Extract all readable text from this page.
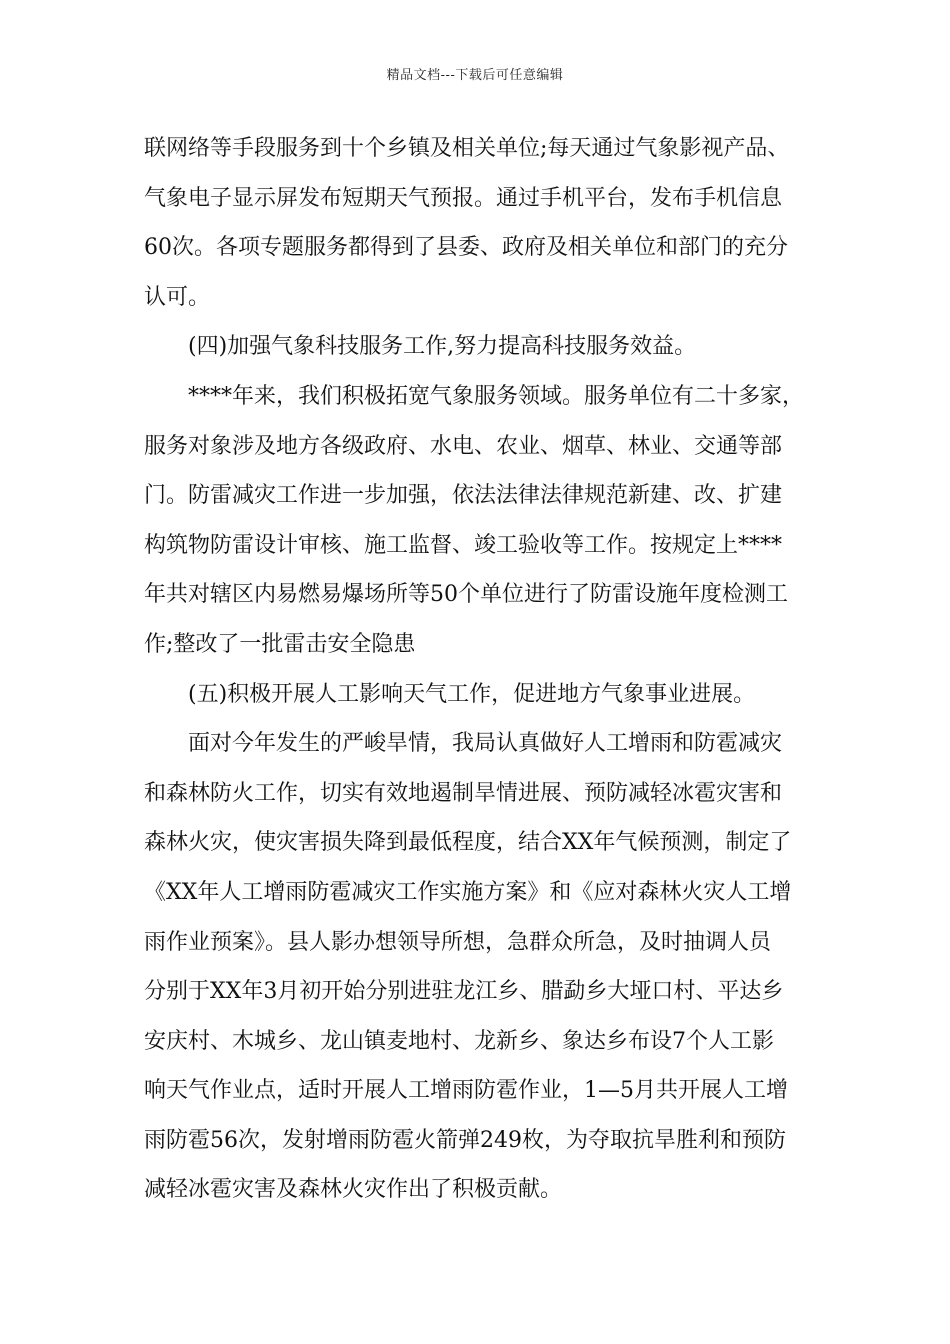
精品文档---下载后可任意编辑
联网络等手段服务到十个乡镇及相关单位;每天通过气象影视产品、
气象电子显示屏发布短期天气预报。通过手机平台，发布手机信息
60次。各项专题服务都得到了县委、政府及相关单位和部门的充分
认可。
(四)加强气象科技服务工作,努力提高科技服务效益。
****年来，我们积极拓宽气象服务领域。服务单位有二十多家，
服务对象涉及地方各级政府、水电、农业、烟草、林业、交通等部
门。防雷减灾工作进一步加强，依法法律法律规范新建、改、扩建
构筑物防雷设计审核、施工监督、竣工验收等工作。按规定上****
年共对辖区内易燃易爆场所等50个单位进行了防雷设施年度检测工
作;整改了一批雷击安全隐患
(五)积极开展人工影响天气工作，促进地方气象事业进展。
面对今年发生的严峻旱情，我局认真做好人工增雨和防雹减灾
和森林防火工作，切实有效地遏制旱情进展、预防减轻冰雹灾害和
森林火灾，使灾害损失降到最低程度，结合XX年气候预测，制定了
《XX年人工增雨防雹减灾工作实施方案》和《应对森林火灾人工增
雨作业预案》。县人影办想领导所想，急群众所急，及时抽调人员
分别于XX年3月初开始分别进驻龙江乡、腊勐乡大垭口村、平达乡
安庆村、木城乡、龙山镇麦地村、龙新乡、象达乡布设7个人工影
响天气作业点，适时开展人工增雨防雹作业，1—5月共开展人工增
雨防雹56次，发射增雨防雹火箭弹249枚，为夺取抗旱胜利和预防
减轻冰雹灾害及森林火灾作出了积极贡献。
